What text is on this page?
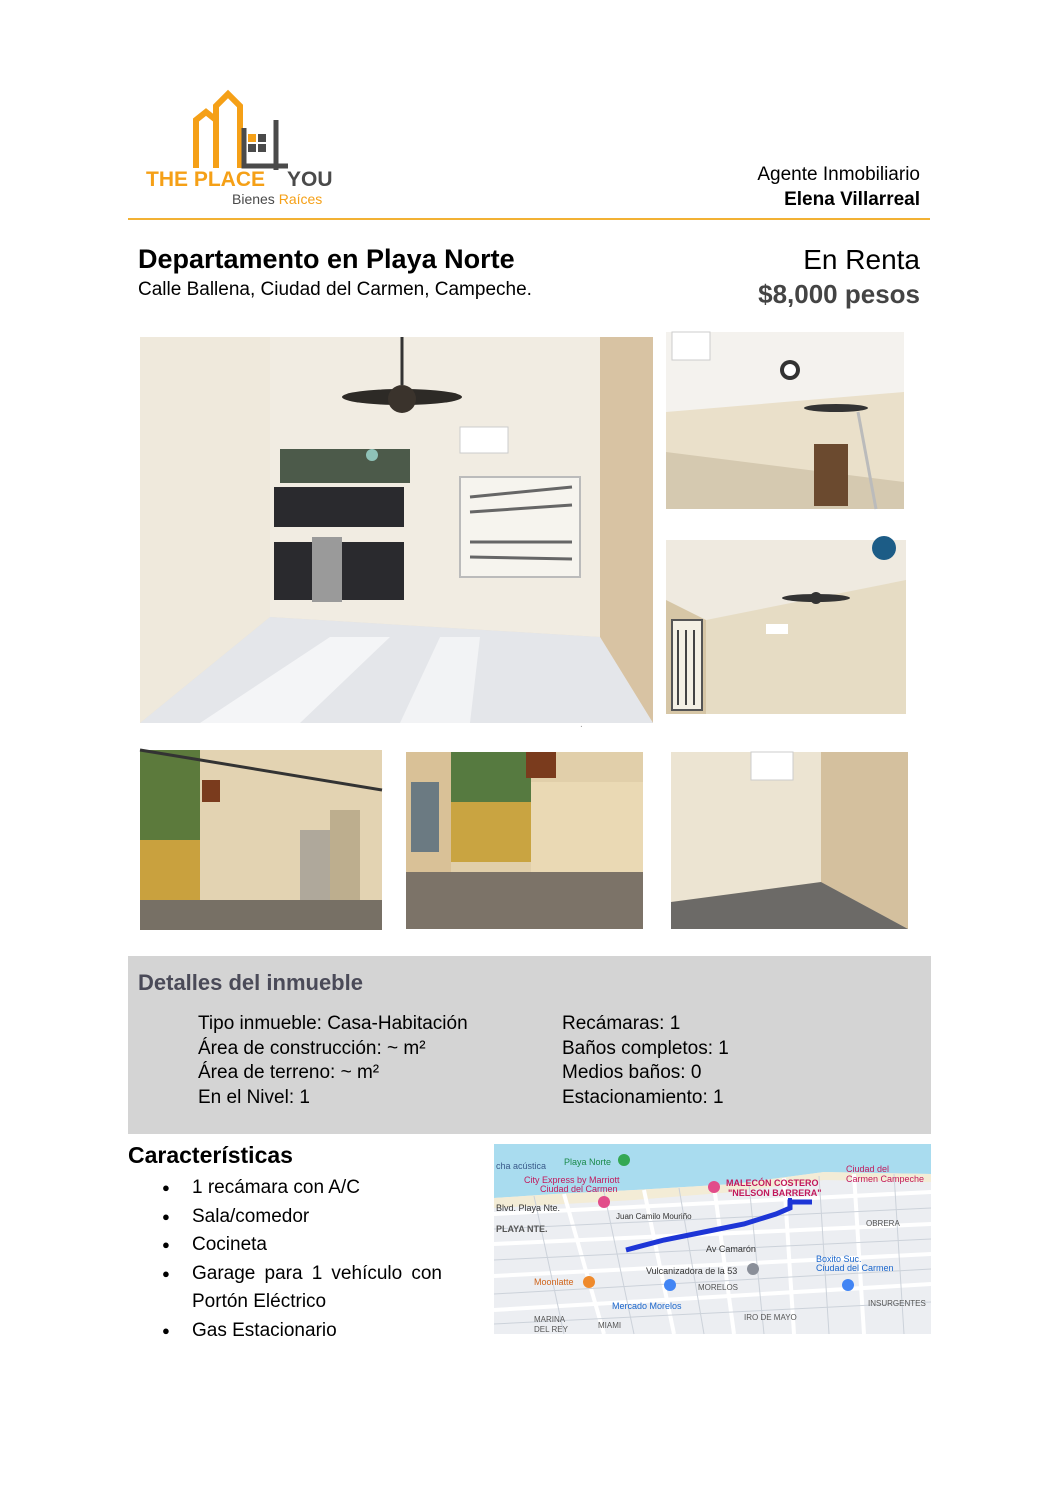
THE PLACE YOU
Bienes Raíces
Agente Inmobiliario
Elena Villarreal
Departamento en Playa Norte
Calle Ballena, Ciudad del Carmen, Campeche.
En Renta
$8,000 pesos
.
Detalles del inmueble
Tipo inmueble: Casa-Habitación
Área de construcción: ~ m²
Área de terreno: ~ m²
En el Nivel: 1
Recámaras: 1
Baños completos: 1
Medios baños: 0
Estacionamiento: 1
Características
● 1 recámara con A/C
● Sala/comedor
● Cocineta
● Garage para 1 vehículo con Portón Eléctrico
● Gas Estacionario
Playa Norte
cha acústica
City Express by Marriott
Ciudad del Carmen
MALECÓN COSTERO
"NELSON BARRERA"
Ciudad del
Carmen Campeche
Blvd. Playa Nte.
Juan Camilo Mouriño
PLAYA NTE.
Av Camarón
OBRERA
Boxito Suc.
Ciudad del Carmen
Vulcanizadora de la 53
Moonlatte
MORELOS
Mercado Morelos	INSURGENTES
MARINA
DEL REY	MIAMI
IRO DE MAYO
